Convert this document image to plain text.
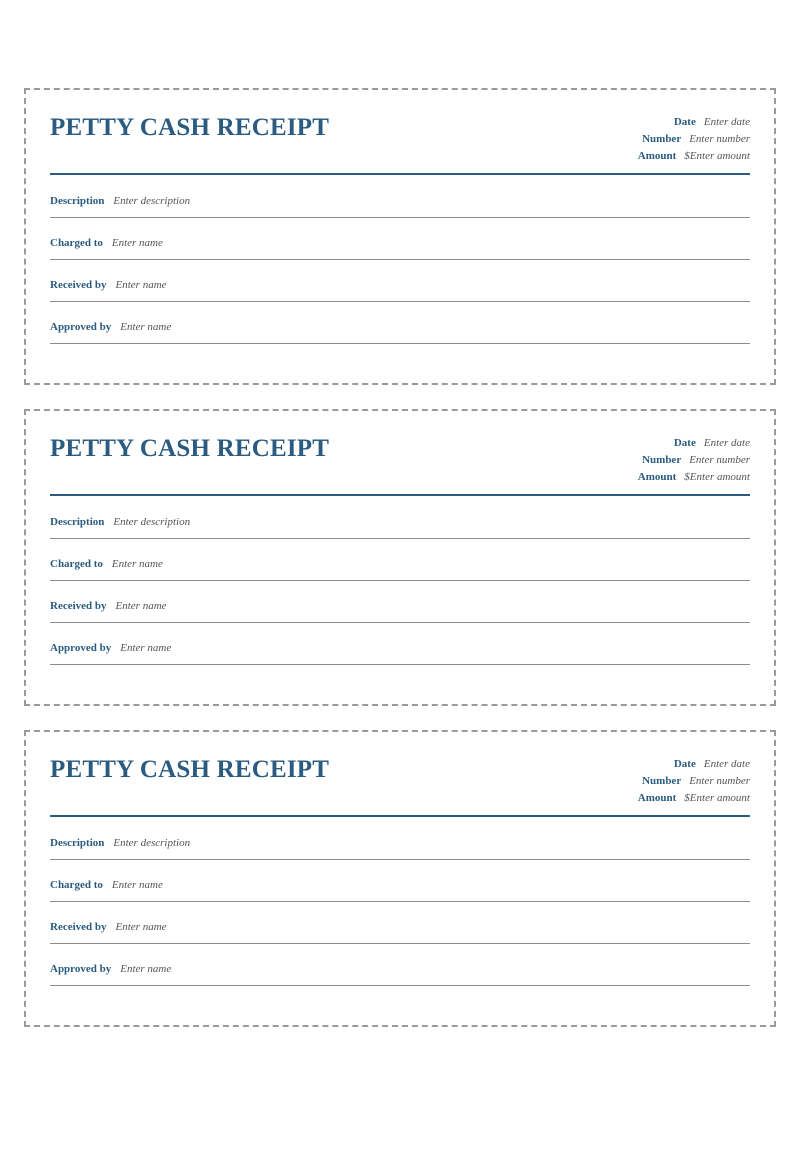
PETTY CASH RECEIPT	Date Enter date
Number Enter number
Amount $Enter amount
Description Enter description
Charged to Enter name
Received by Enter name
Approved by Enter name
PETTY CASH RECEIPT	Date Enter date
Number Enter number
Amount $Enter amount
Description Enter description
Charged to Enter name
Received by Enter name
Approved by Enter name
PETTY CASH RECEIPT	Date Enter date
Number Enter number
Amount $Enter amount
Description Enter description
Charged to Enter name
Received by Enter name
Approved by Enter name
